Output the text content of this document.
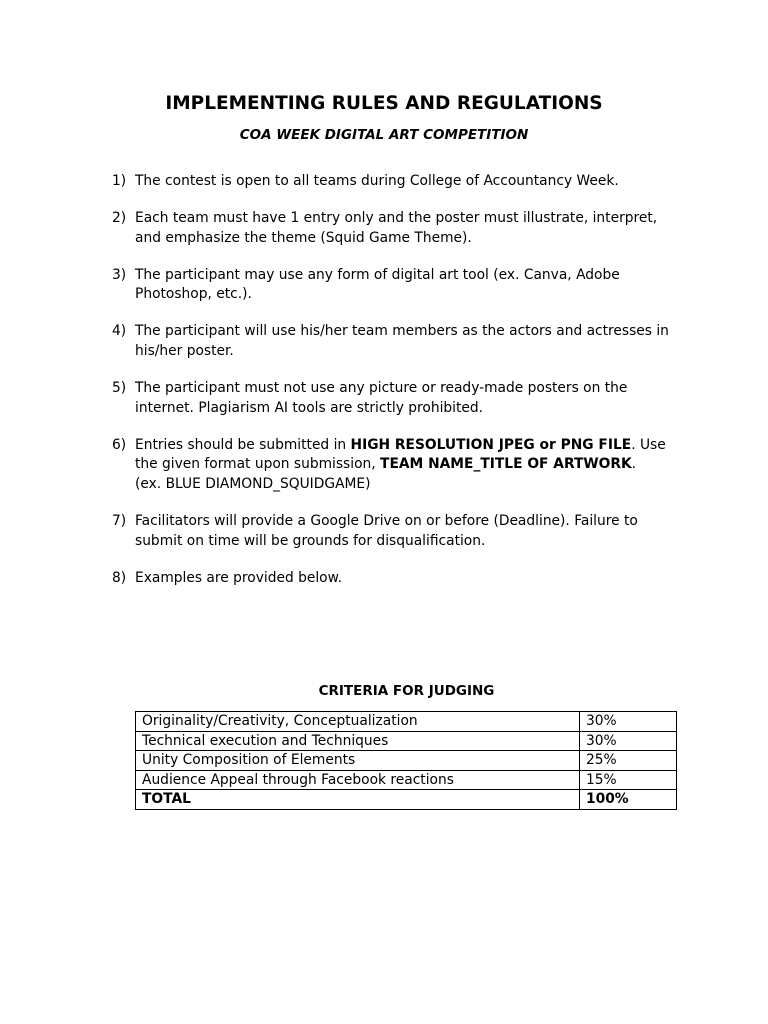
IMPLEMENTING RULES AND REGULATIONS
COA WEEK DIGITAL ART COMPETITION
1) The contest is open to all teams during College of Accountancy Week.
2) Each team must have 1 entry only and the poster must illustrate, interpret, and emphasize the theme (Squid Game Theme).
3) The participant may use any form of digital art tool (ex. Canva, Adobe Photoshop, etc.).
4) The participant will use his/her team members as the actors and actresses in his/her poster.
5) The participant must not use any picture or ready-made posters on the internet. Plagiarism AI tools are strictly prohibited.
6) Entries should be submitted in HIGH RESOLUTION JPEG or PNG FILE. Use the given format upon submission, TEAM NAME_TITLE OF ARTWORK.
(ex. BLUE DIAMOND_SQUIDGAME)
7) Facilitators will provide a Google Drive on or before (Deadline). Failure to submit on time will be grounds for disqualification.
8) Examples are provided below.
CRITERIA FOR JUDGING
Originality/Creativity, Conceptualization	30%
Technical execution and Techniques	30%
Unity Composition of Elements	25%
Audience Appeal through Facebook reactions	15%
TOTAL	100%
